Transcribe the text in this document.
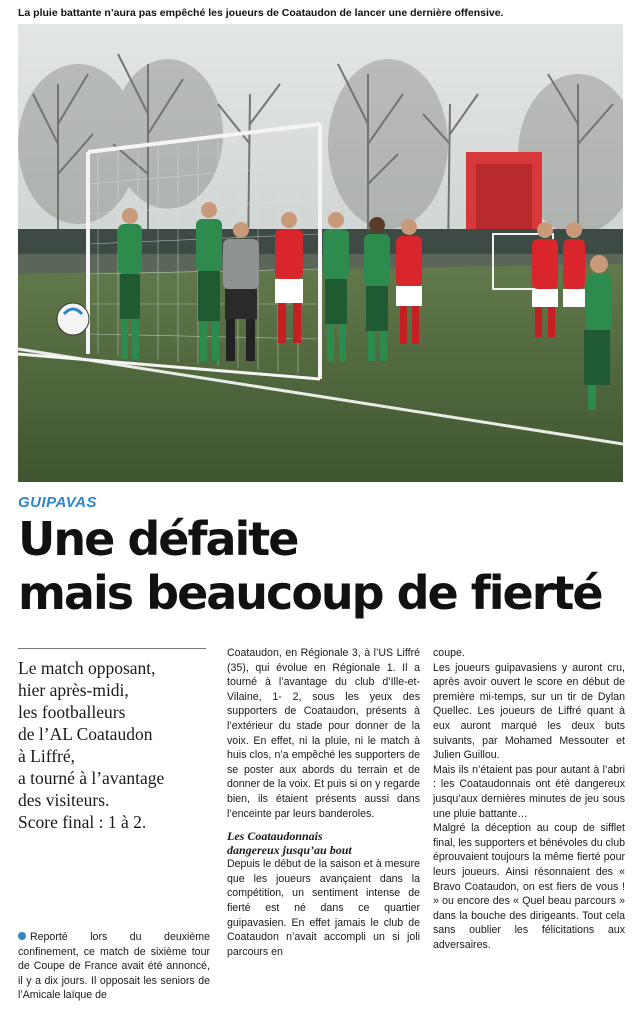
La pluie battante n’aura pas empêché les joueurs de Coataudon de lancer une dernière offensive.
GUIPAVAS
Une défaite
mais beaucoup de fierté
Le match opposant,
hier après-midi,
les footballeurs
de l’AL Coataudon
à Liffré,
a tourné à l’avantage
des visiteurs.
Score final : 1 à 2.

Reporté lors du deuxième confinement, ce match de sixième tour de Coupe de France avait été annoncé, il y a dix jours. Il opposait les seniors de l’Amicale laïque de

Coataudon, en Régionale 3, à l’US Liffré (35), qui évolue en Régionale 1. Il a tourné à l’avantage du club d’Ille-et-Vilaine, 1- 2, sous les yeux des supporters de Coataudon, présents à l’extérieur du stade pour donner de la voix. En effet, ni la pluie, ni le match à huis clos, n’a empêché les supporters de se poster aux abords du terrain et de donner de la voix. Et puis si on y regarde bien, ils étaient présents aussi dans l’enceinte par leurs banderoles.

Les Coataudonnais
dangereux jusqu’au bout

Depuis le début de la saison et à mesure que les joueurs avançaient dans la compétition, un sentiment intense de fierté est né dans ce quartier guipavasien. En effet jamais le club de Coataudon n’avait accompli un si joli parcours en

coupe.

Les joueurs guipavasiens y auront cru, après avoir ouvert le score en début de première mi-temps, sur un tir de Dylan Quellec. Les joueurs de Liffré quant à eux auront marqué les deux buts suivants, par Mohamed Messouter et Julien Guillou.

Mais ils n’étaient pas pour autant à l’abri : les Coataudonnais ont été dangereux jusqu’aux dernières minutes de jeu sous une pluie battante…

Malgré la déception au coup de sifflet final, les supporters et bénévoles du club éprouvaient toujours la même fierté pour leurs joueurs. Ainsi résonnaient des « Bravo Coataudon, on est fiers de vous ! » ou encore des « Quel beau parcours » dans la bouche des dirigeants. Tout cela sans oublier les félicitations aux adversaires.
